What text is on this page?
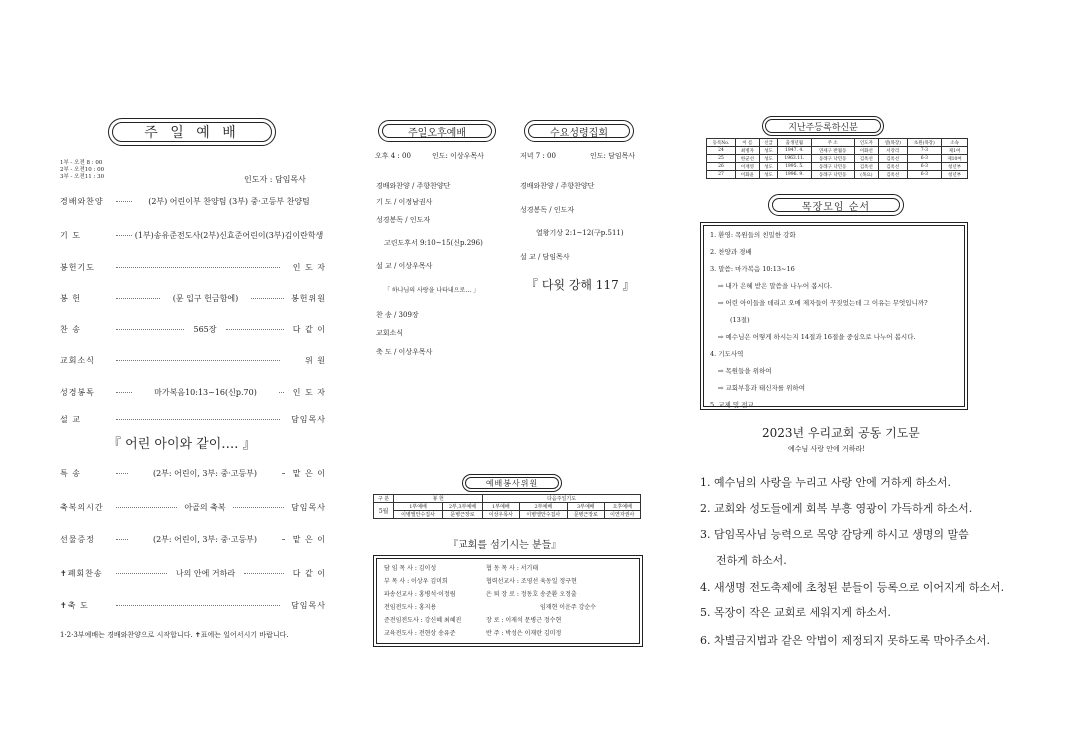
주 일 예 배
1부 - 오전 8 : 00
2부 - 오전10 : 00
3부 - 오전11 : 30	인도자 : 담임목사
경배와찬양	(2부) 어린이부 찬양팀 (3부) 중·고등부 찬양팀
기 도	(1부)송유준전도사(2부)신효준어린이(3부)김이란학생
봉헌기도	인 도 자
봉 헌	(문 입구 헌금함에)	봉헌위원
찬 송	565장	다 같 이
교회소식	위 원
성경봉독	마가복음10:13~16(신p.70)	인 도 자
설 교	담임목사
특 송	(2부: 어린이, 3부: 중·고등부)	맡 은 이
축복의시간	아골의 축복	담임목사
선물증정	(2부: 어린이, 3부: 중·고등부)	맡 은 이
✝폐회찬송	나의 안에 거하라	다 같 이
✝축 도	담임목사
『 어린 아이와 같이…. 』
1·2·3부예배는 경배와찬양으로 시작합니다. ✝표에는 일어서시기 바랍니다.
주일오후예배
오후 4 : 00	인도: 이상우목사
경배와찬양 / 주향찬양단
기 도 / 이정남권사
성경봉독 / 인도자
고린도후서 9:10~15(신p.296)
설 교 / 이상우목사
「 하나님의 사랑을 나타내으로… 」
찬 송 / 309장
교회소식
축 도 / 이상우목사
수요성령집회
저녁 7 : 00	인도: 담임목사
경배와찬양 / 주향찬양단
성경봉독 / 인도자
열왕기상 2:1~12(구p.511)
설 교 / 담임목사
『 다윗 강해 117 』
예배봉사위원
구 분	봉 헌		다음주일기도			
5월	1부예배	2부,3부예배	1부예배	2부예배	3부예배	오후예배
	이병엘안수집사	문병근장로	이상우목사	이병엘안수집사	문병근장로	이연자권사
『교회를 섬기시는 분들』
담 임 목 사 : 김이성
부 목 사 : 이상우 김미희
파송선교사 : 홍병석·이정림
전임전도사 : 홍지용
준전임전도사 : 강신혜 최혜진
교육전도사 : 전현상 송유준
협 동 목 사 : 서기태
협력선교사 : 조영선 육동일 정구현
은 퇴 장 로 : 정동호 송준환 오정출
임재현 이운주 강순수
장 로 : 이재석 문병근 정수현
반 주 : 박성은 이재란 김미정
지난주등록하신분
등록No.	이 름	신급	출생년월	주 소	인도자	셀(목장)	초원(목장)	소속
24	최병자	성도	1947. 4.	연세구 반월동	이화선	서강리	7-3	제1여
25	한균선	성도	1963.11.	동래구 낙민동	김옥선	김옥선	6-3	제10여
26	이재영	성도	1995. 5.	동래구 낙민동	김옥선	김옥선	6-3	청년부
27	이화윤	성도	1996. 9.	동래구 낙민동	(목요)	김옥선	6-3	청년부
목장모임 순서
1. 환영: 목원들의 친밀한 강화
2. 찬양과 경배
3. 말씀: 마가복음 10:13~16
⇨ 내가 은혜 받은 말씀을 나누어 봅시다.
⇨ 어린 아이들을 데리고 오매 제자들이 꾸짖었는데 그 이유는 무엇입니까?
(13절)
⇨ 예수님은 어떻게 하시는지 14절과 16절을 중심으로 나누어 봅시다.
4. 기도사역
⇨ 목원들을 위하여
⇨ 교회부흥과 태신자를 위하여
5. 교제 및 전교
2023년 우리교회 공동 기도문
예수님 사랑 안에 거하라!
1. 예수님의 사랑을 누리고 사랑 안에 거하게 하소서.
2. 교회와 성도들에게 회복 부흥 영광이 가득하게 하소서.
3. 담임목사님 능력으로 목양 감당케 하시고 생명의 말씀
전하게 하소서.
4. 새생명 전도축제에 초청된 분들이 등록으로 이어지게 하소서.
5. 목장이 작은 교회로 세워지게 하소서.
6. 차별금지법과 같은 악법이 제정되지 못하도록 막아주소서.
